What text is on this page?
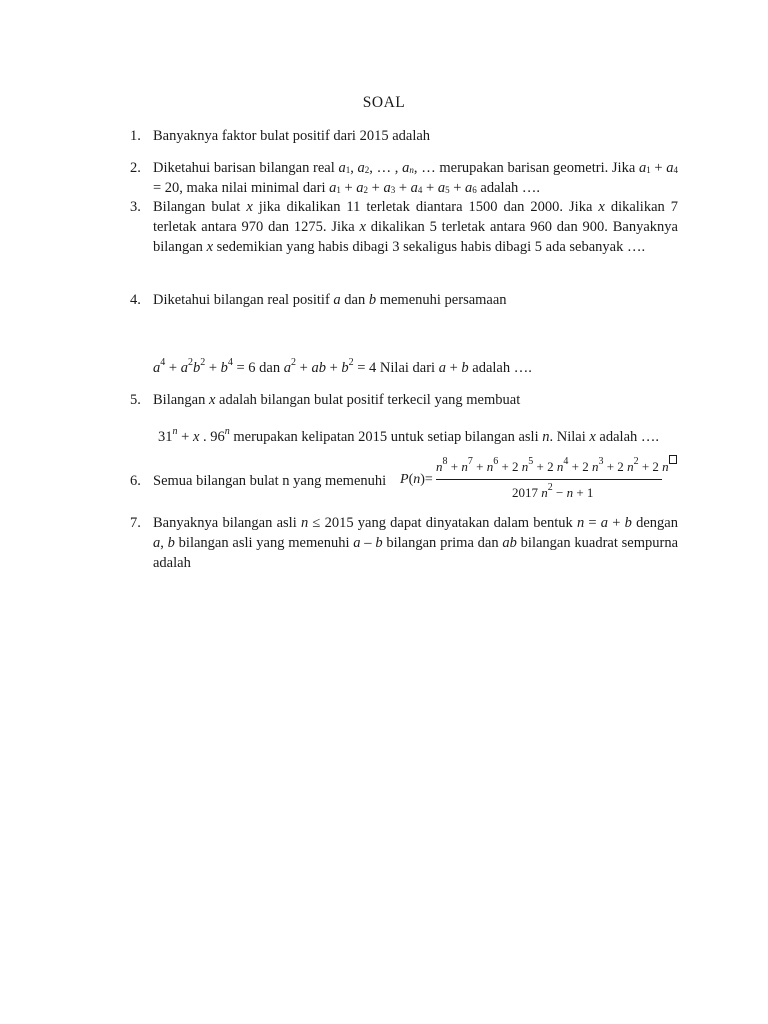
SOAL
1. Banyaknya faktor bulat positif dari 2015 adalah
2. Diketahui barisan bilangan real $a_1$, $a_2$, … , $a_n$, … merupakan barisan geometri. Jika $a_1 + a_4 = 20$, maka nilai minimal dari $a_1 + a_2 + a_3 + a_4 + a_5 + a_6$ adalah ….
3. Bilangan bulat x jika dikalikan 11 terletak diantara 1500 dan 2000. Jika x dikalikan 7 terletak antara 970 dan 1275. Jika x dikalikan 5 terletak antara 960 dan 900. Banyaknya bilangan x sedemikian yang habis dibagi 3 sekaligus habis dibagi 5 ada sebanyak ….
4. Diketahui bilangan real positif a dan b memenuhi persamaan
$a^4 + a^2b^2 + b^4 = 6$ dan $a^2$ + ab + $b^2 = 4$ Nilai dari a + b adalah ….
5. Bilangan x adalah bilangan bulat positif terkecil yang membuat
$31^n + x$ . 96$^n$ merupakan kelipatan 2015 untuk setiap bilangan asli n. Nilai x adalah ….
6. Semua bilangan bulat n yang memenuhi P(n)=
$n^8 + n^7 + n^6 + 2$ $n^5 + 2$ $n^4 + 2$ $n^3 + 2$ $n^2 + 2$ n
2017 $n^2 - n + 1$
7. Banyaknya bilangan asli n ≤ 2015 yang dapat dinyatakan dalam bentuk n = a + b dengan a, b bilangan asli yang memenuhi a – b bilangan prima dan ab bilangan kuadrat sempurna adalah
